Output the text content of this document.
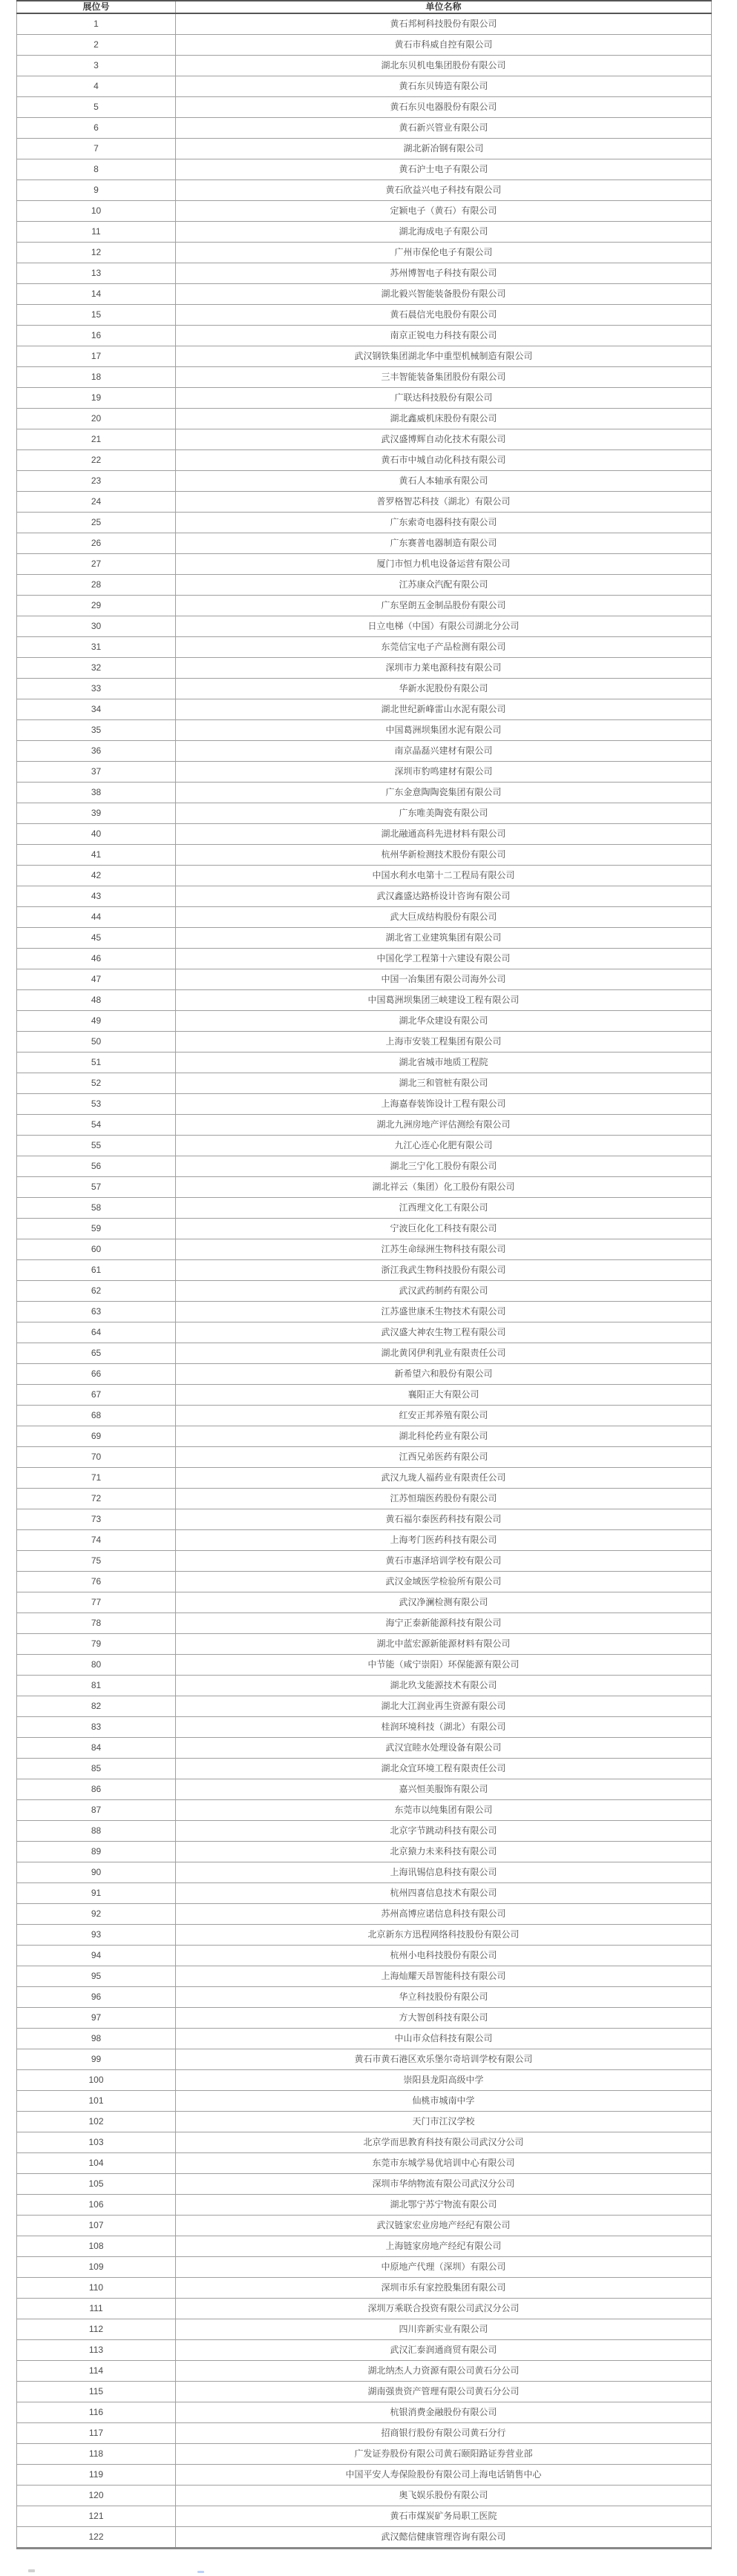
展位号	单位名称
1	黄石邦柯科技股份有限公司
2	黄石市科威自控有限公司
3	湖北东贝机电集团股份有限公司
4	黄石东贝铸造有限公司
5	黄石东贝电器股份有限公司
6	黄石新兴管业有限公司
7	湖北新冶钢有限公司
8	黄石沪士电子有限公司
9	黄石欣益兴电子科技有限公司
10	定颖电子（黄石）有限公司
11	湖北海成电子有限公司
12	广州市保伦电子有限公司
13	苏州博智电子科技有限公司
14	湖北毅兴智能装备股份有限公司
15	黄石晨信光电股份有限公司
16	南京正锐电力科技有限公司
17	武汉钢铁集团湖北华中重型机械制造有限公司
18	三丰智能装备集团股份有限公司
19	广联达科技股份有限公司
20	湖北鑫威机床股份有限公司
21	武汉盛博辉自动化技术有限公司
22	黄石市中城自动化科技有限公司
23	黄石人本轴承有限公司
24	普罗格智芯科技（湖北）有限公司
25	广东索奇电器科技有限公司
26	广东赛普电器制造有限公司
27	厦门市恒力机电设备运营有限公司
28	江苏康众汽配有限公司
29	广东坚朗五金制品股份有限公司
30	日立电梯（中国）有限公司湖北分公司
31	东莞信宝电子产品检测有限公司
32	深圳市力莱电源科技有限公司
33	华新水泥股份有限公司
34	湖北世纪新峰雷山水泥有限公司
35	中国葛洲坝集团水泥有限公司
36	南京晶磊兴建材有限公司
37	深圳市豹鸣建材有限公司
38	广东金意陶陶瓷集团有限公司
39	广东唯美陶瓷有限公司
40	湖北融通高科先进材料有限公司
41	杭州华新检测技术股份有限公司
42	中国水利水电第十二工程局有限公司
43	武汉鑫盛达路桥设计咨询有限公司
44	武大巨成结构股份有限公司
45	湖北省工业建筑集团有限公司
46	中国化学工程第十六建设有限公司
47	中国一冶集团有限公司海外公司
48	中国葛洲坝集团三峡建设工程有限公司
49	湖北华众建设有限公司
50	上海市安装工程集团有限公司
51	湖北省城市地质工程院
52	湖北三和管桩有限公司
53	上海嘉春装饰设计工程有限公司
54	湖北九洲房地产评估测绘有限公司
55	九江心连心化肥有限公司
56	湖北三宁化工股份有限公司
57	湖北祥云（集团）化工股份有限公司
58	江西理文化工有限公司
59	宁波巨化化工科技有限公司
60	江苏生命绿洲生物科技有限公司
61	浙江我武生物科技股份有限公司
62	武汉武药制药有限公司
63	江苏盛世康禾生物技术有限公司
64	武汉盛大神农生物工程有限公司
65	湖北黄冈伊利乳业有限责任公司
66	新希望六和股份有限公司
67	襄阳正大有限公司
68	红安正邦养殖有限公司
69	湖北科伦药业有限公司
70	江西兄弟医药有限公司
71	武汉九珑人福药业有限责任公司
72	江苏恒瑞医药股份有限公司
73	黄石福尔泰医药科技有限公司
74	上海考门医药科技有限公司
75	黄石市惠泽培训学校有限公司
76	武汉金域医学检验所有限公司
77	武汉净澜检测有限公司
78	海宁正泰新能源科技有限公司
79	湖北中蓝宏源新能源材料有限公司
80	中节能（咸宁崇阳）环保能源有限公司
81	湖北玖戈能源技术有限公司
82	湖北大江润业再生资源有限公司
83	桂润环境科技（湖北）有限公司
84	武汉宜睦水处理设备有限公司
85	湖北众宜环境工程有限责任公司
86	嘉兴恒美服饰有限公司
87	东莞市以纯集团有限公司
88	北京字节跳动科技有限公司
89	北京猿力未来科技有限公司
90	上海讯锡信息科技有限公司
91	杭州四喜信息技术有限公司
92	苏州高博应诺信息科技有限公司
93	北京新东方迅程网络科技股份有限公司
94	杭州小电科技股份有限公司
95	上海灿耀天昂智能科技有限公司
96	华立科技股份有限公司
97	方大智创科技有限公司
98	中山市众信科技有限公司
99	黄石市黄石港区欢乐堡尔奇培训学校有限公司
100	崇阳县龙阳高级中学
101	仙桃市城南中学
102	天门市江汉学校
103	北京学而思教育科技有限公司武汉分公司
104	东莞市东城学易优培训中心有限公司
105	深圳市华纳物流有限公司武汉分公司
106	湖北鄂宁苏宁物流有限公司
107	武汉链家宏业房地产经纪有限公司
108	上海链家房地产经纪有限公司
109	中原地产代理（深圳）有限公司
110	深圳市乐有家控股集团有限公司
111	深圳万乘联合投资有限公司武汉分公司
112	四川弈新实业有限公司
113	武汉汇泰润通商贸有限公司
114	湖北纳杰人力资源有限公司黄石分公司
115	湖南强贵资产管理有限公司黄石分公司
116	杭银消费金融股份有限公司
117	招商银行股份有限公司黄石分行
118	广发证券股份有限公司黄石颐阳路证券营业部
119	中国平安人寿保险股份有限公司上海电话销售中心
120	奥飞娱乐股份有限公司
121	黄石市煤炭矿务局职工医院
122	武汉懿信健康管理咨询有限公司
